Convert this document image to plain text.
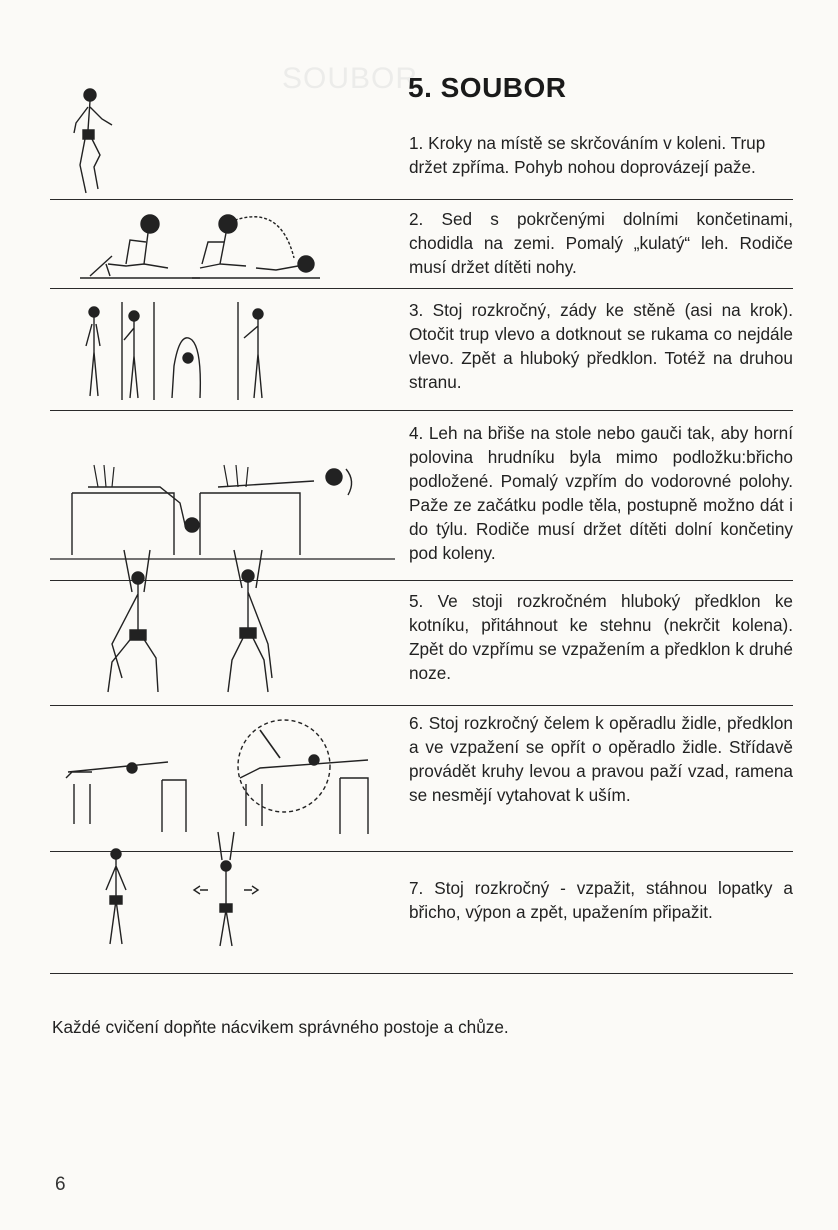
SOUBOR
5. SOUBOR
1. Kroky na místě se skrčováním v koleni. Trup držet zpříma. Pohyb nohou doprovázejí paže.
2. Sed s pokrčenými dolními končetinami, chodidla na zemi. Pomalý „kulatý“ leh. Rodiče musí držet dítěti nohy.
3. Stoj rozkročný, zády ke stěně (asi na krok). Otočit trup vlevo a dotknout se rukama co nejdále vlevo. Zpět a hluboký předklon. Totéž na druhou stranu.
4. Leh na břiše na stole nebo gauči tak, aby horní polovina hrudníku byla mimo podložku:břicho podložené. Pomalý vzpřím do vodorovné polohy. Paže ze začátku podle těla, postupně možno dát i do týlu. Rodiče musí držet dítěti dolní končetiny pod koleny.
5. Ve stoji rozkročném hluboký předklon ke kotníku, přitáhnout ke stehnu (nekrčit kolena). Zpět do vzpřímu se vzpažením a předklon k druhé noze.
6. Stoj rozkročný čelem k opěradlu židle, předklon a ve vzpažení se opřít o opěradlo židle. Střídavě provádět kruhy levou a pravou paží vzad, ramena se nesmějí vytahovat k uším.
7. Stoj rozkročný - vzpažit, stáhnou lopatky a břicho, výpon a zpět, upažením připažit.
Každé cvičení dopňte nácvikem správného postoje a chůze.
6
